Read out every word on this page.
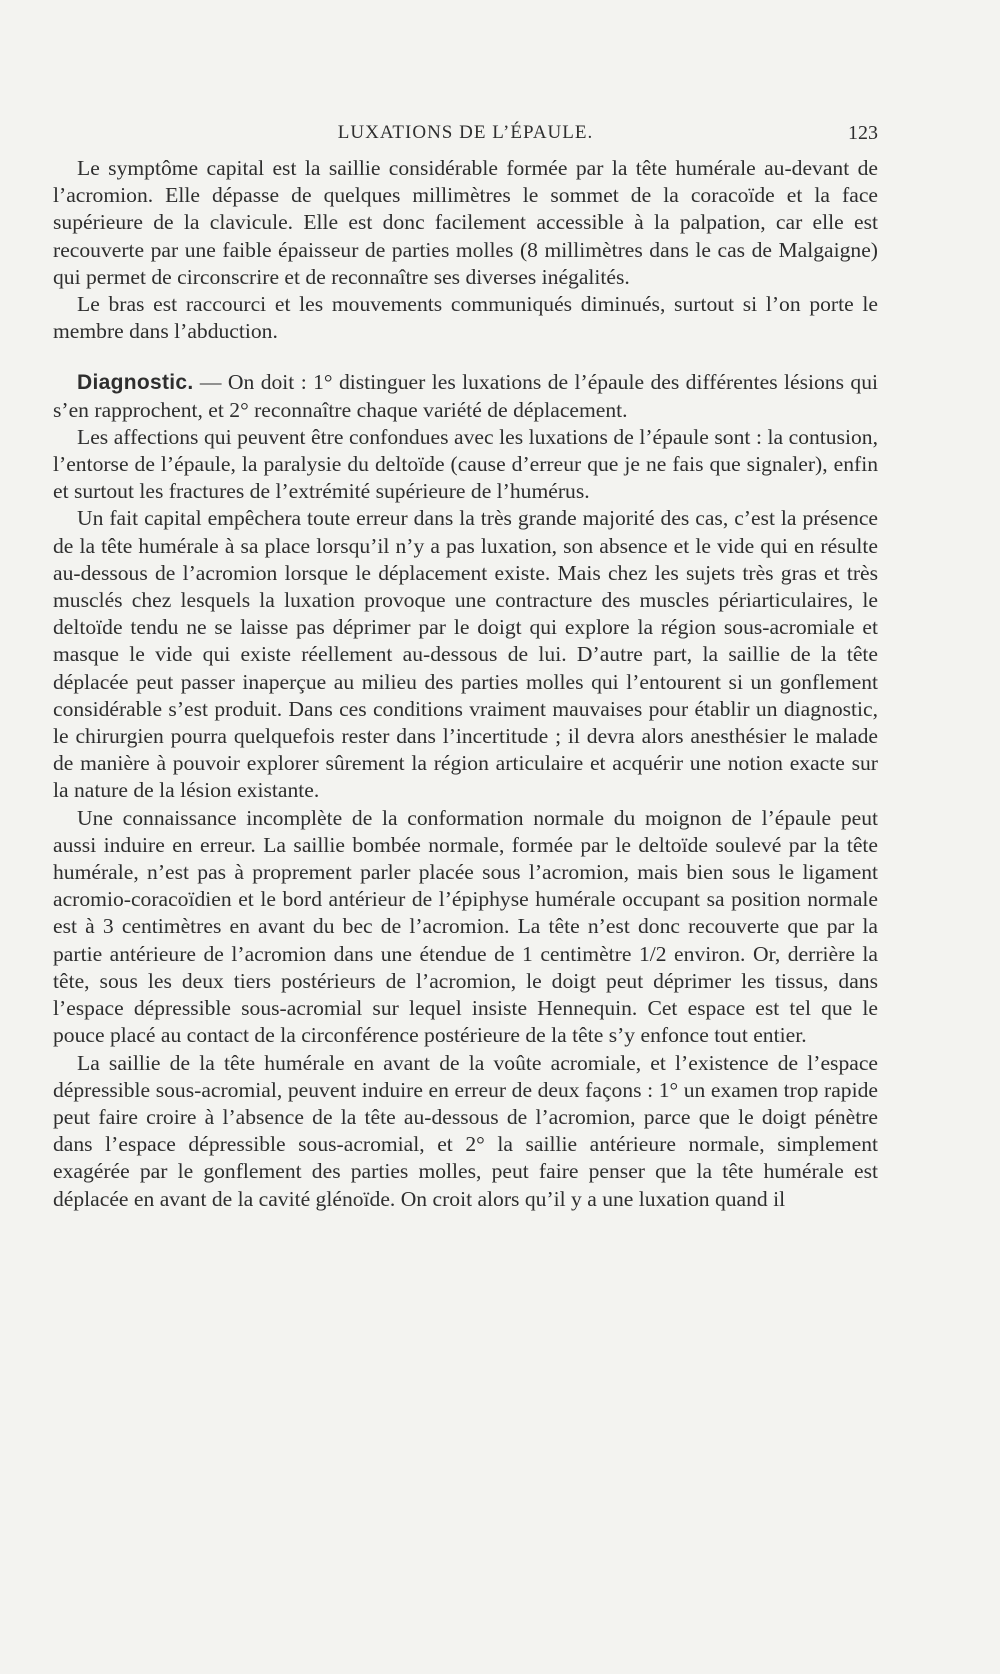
LUXATIONS DE L’ÉPAULE.	123

Le symptôme capital est la saillie considérable formée par la tête humérale au-devant de l’acromion. Elle dépasse de quelques millimètres le sommet de la coracoïde et la face supérieure de la clavicule. Elle est donc facilement accessible à la palpation, car elle est recouverte par une faible épaisseur de parties molles (8 millimètres dans le cas de Malgaigne) qui permet de circonscrire et de reconnaître ses diverses inégalités.

Le bras est raccourci et les mouvements communiqués diminués, surtout si l’on porte le membre dans l’abduction.

Diagnostic. — On doit : 1° distinguer les luxations de l’épaule des différentes lésions qui s’en rapprochent, et 2° reconnaître chaque variété de déplacement.

Les affections qui peuvent être confondues avec les luxations de l’épaule sont : la contusion, l’entorse de l’épaule, la paralysie du deltoïde (cause d’erreur que je ne fais que signaler), enfin et surtout les fractures de l’extrémité supérieure de l’humérus.

Un fait capital empêchera toute erreur dans la très grande majorité des cas, c’est la présence de la tête humérale à sa place lorsqu’il n’y a pas luxation, son absence et le vide qui en résulte au-dessous de l’acromion lorsque le déplacement existe. Mais chez les sujets très gras et très musclés chez lesquels la luxation provoque une contracture des muscles périarticulaires, le deltoïde tendu ne se laisse pas déprimer par le doigt qui explore la région sous-acromiale et masque le vide qui existe réellement au-dessous de lui. D’autre part, la saillie de la tête déplacée peut passer inaperçue au milieu des parties molles qui l’entourent si un gonflement considérable s’est produit. Dans ces conditions vraiment mauvaises pour établir un diagnostic, le chirurgien pourra quelquefois rester dans l’incertitude ; il devra alors anesthésier le malade de manière à pouvoir explorer sûrement la région articulaire et acquérir une notion exacte sur la nature de la lésion existante.

Une connaissance incomplète de la conformation normale du moignon de l’épaule peut aussi induire en erreur. La saillie bombée normale, formée par le deltoïde soulevé par la tête humérale, n’est pas à proprement parler placée sous l’acromion, mais bien sous le ligament acromio-coracoïdien et le bord antérieur de l’épiphyse humérale occupant sa position normale est à 3 centimètres en avant du bec de l’acromion. La tête n’est donc recouverte que par la partie antérieure de l’acromion dans une étendue de 1 centimètre 1/2 environ. Or, derrière la tête, sous les deux tiers postérieurs de l’acromion, le doigt peut déprimer les tissus, dans l’espace dépressible sous-acromial sur lequel insiste Hennequin. Cet espace est tel que le pouce placé au contact de la circonférence postérieure de la tête s’y enfonce tout entier.

La saillie de la tête humérale en avant de la voûte acromiale, et l’existence de l’espace dépressible sous-acromial, peuvent induire en erreur de deux façons : 1° un examen trop rapide peut faire croire à l’absence de la tête au-dessous de l’acromion, parce que le doigt pénètre dans l’espace dépressible sous-acromial, et 2° la saillie antérieure normale, simplement exagérée par le gonflement des parties molles, peut faire penser que la tête humérale est déplacée en avant de la cavité glénoïde. On croit alors qu’il y a une luxation quand il
